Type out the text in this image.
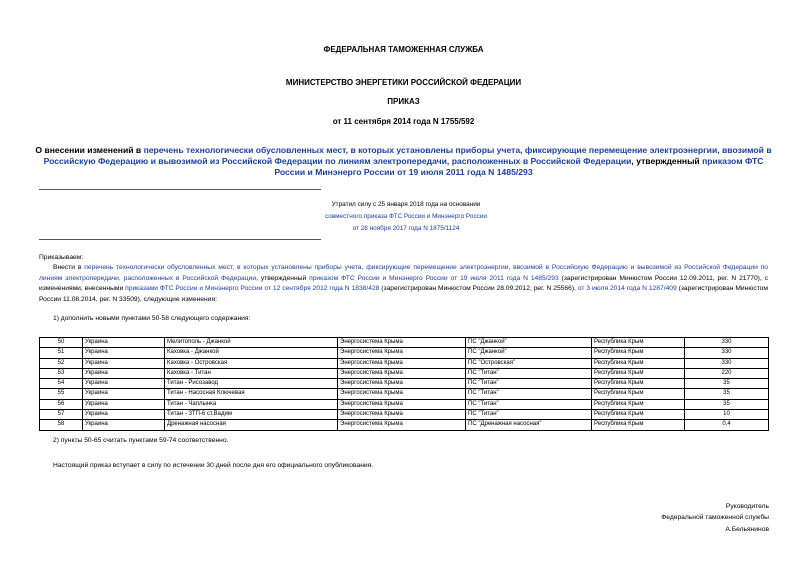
ФЕДЕРАЛЬНАЯ ТАМОЖЕННАЯ СЛУЖБА
МИНИСТЕРСТВО ЭНЕРГЕТИКИ РОССИЙСКОЙ ФЕДЕРАЦИИ
ПРИКАЗ
от 11 сентября 2014 года N 1755/592
О внесении изменений в перечень технологически обусловленных мест, в которых установлены приборы учета, фиксирующие перемещение электроэнергии, ввозимой в Российскую Федерацию и вывозимой из Российской Федерации по линиям электропередачи, расположенных в Российской Федерации, утвержденный приказом ФТС России и Минэнерго России от 19 июля 2011 года N 1485/293
Утратил силу с 25 января 2018 года на основании
совместного приказа ФТС России и Минэнерго России
от 28 ноября 2017 года N 1875/1124
Приказываем:
Внести в перечень технологически обусловленных мест, в которых установлены приборы учета, фиксирующие перемещение электроэнергии, ввозимой в Российскую Федерацию и вывозимой из Российской Федерации по линиям электропередачи, расположенных в Российской Федерации, утвержденный приказом ФТС России и Минэнерго России от 19 июля 2011 года N 1485/293 (зарегистрирован Минюстом России 12.09.2011, рег. N 21770), с изменениями, внесенными приказами ФТС России и Минэнерго России от 12 сентября 2012 года N 1838/428 (зарегистрирован Минюстом России 28.09.2012, рег. N 25566), от 3 июля 2014 года N 1287/409 (зарегистрирован Минюстом России 11.08.2014, рег. N 33509), следующие изменения:
1) дополнить новыми пунктами 50-58 следующего содержания:
50	Украина	Мелитополь - Джанкой	Энергосистема Крыма	ПС "Джанкой"	Республика Крым	330
51	Украина	Каховка - Джанкой	Энергосистема Крыма	ПС "Джанкой"	Республика Крым	330
52	Украина	Каховка - Островская	Энергосистема Крыма	ПС "Островская"	Республика Крым	330
53	Украина	Каховка - Титан	Энергосистема Крыма	ПС "Титан"	Республика Крым	220
54	Украина	Титан - Рисозавод	Энергосистема Крыма	ПС "Титан"	Республика Крым	35
55	Украина	Титан - Насосная Ключевая	Энергосистема Крыма	ПС "Титан"	Республика Крым	35
56	Украина	Титан - Чаплынка	Энергосистема Крыма	ПС "Титан"	Республика Крым	35
57	Украина	Титан - ЗТП-6 ст.Вадим	Энергосистема Крыма	ПС "Титан"	Республика Крым	10
58	Украина	Дренажная насосная	Энергосистема Крыма	ПС "Дренажная насосная"	Республика Крым	0,4
2) пункты 50-65 считать пунктами 59-74 соответственно.
Настоящий приказ вступает в силу по истечении 30 дней после дня его официального опубликования.
Руководитель
Федеральной таможенной службы
А.Бельянинов
